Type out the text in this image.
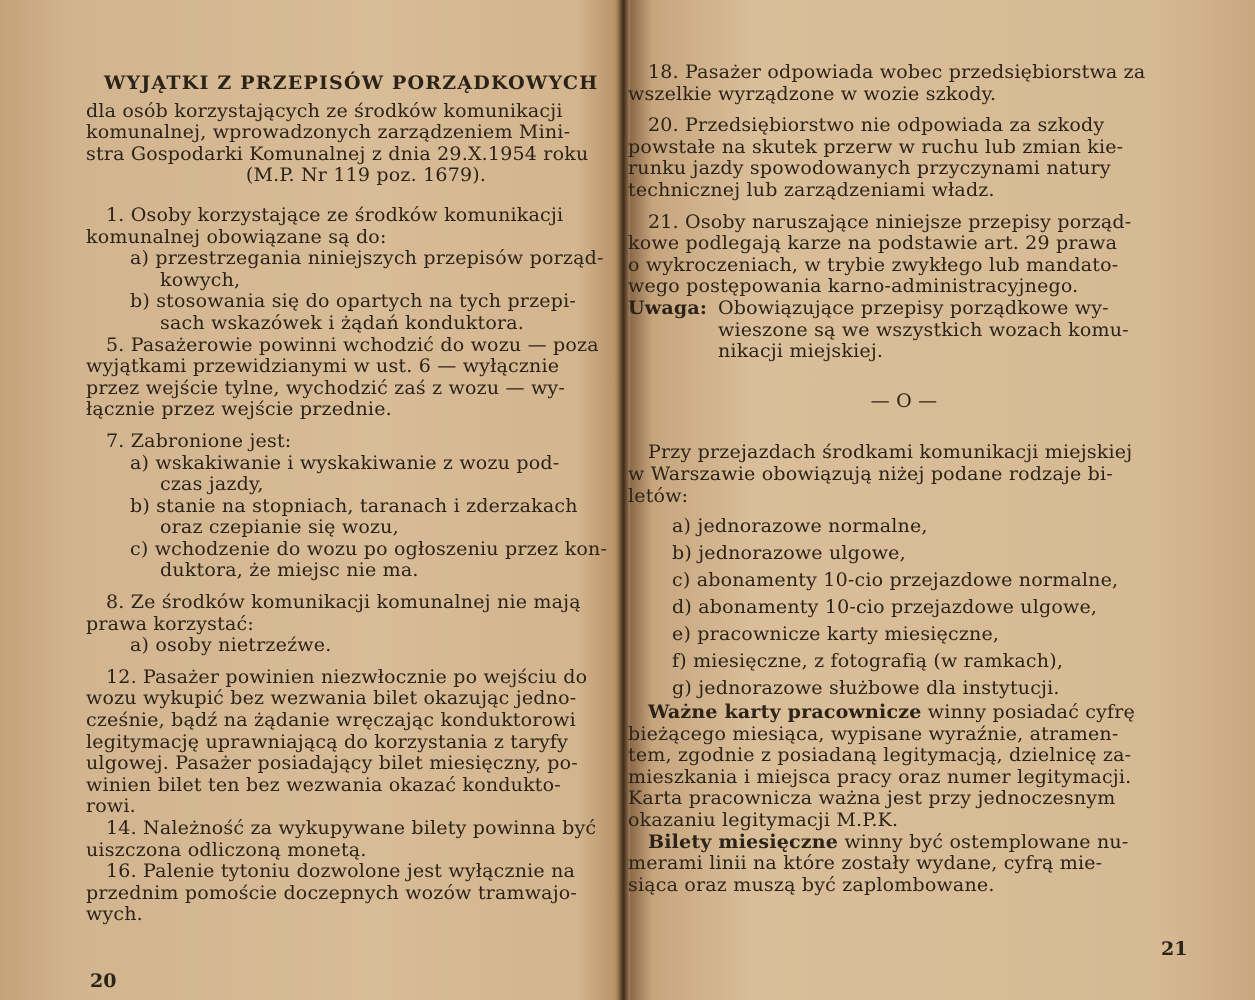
WYJĄTKI Z PRZEPISÓW PORZĄDKOWYCH
dla osób korzystających ze środków komunikacji
komunalnej, wprowadzonych zarządzeniem Mini-
stra Gospodarki Komunalnej z dnia 29.X.1954 roku
(M.P. Nr 119 poz. 1679).
1. Osoby korzystające ze środków komunikacji
komunalnej obowiązane są do:
a) przestrzegania niniejszych przepisów porząd-
kowych,
b) stosowania się do opartych na tych przepi-
sach wskazówek i żądań konduktora.
5. Pasażerowie powinni wchodzić do wozu — poza
wyjątkami przewidzianymi w ust. 6 — wyłącznie
przez wejście tylne, wychodzić zaś z wozu — wy-
łącznie przez wejście przednie.
7. Zabronione jest:
a) wskakiwanie i wyskakiwanie z wozu pod-
czas jazdy,
b) stanie na stopniach, taranach i zderzakach
oraz czepianie się wozu,
c) wchodzenie do wozu po ogłoszeniu przez kon-
duktora, że miejsc nie ma.
8. Ze środków komunikacji komunalnej nie mają
prawa korzystać:
a) osoby nietrzeźwe.
12. Pasażer powinien niezwłocznie po wejściu do
wozu wykupić bez wezwania bilet okazując jedno-
cześnie, bądź na żądanie wręczając konduktorowi
legitymację uprawniającą do korzystania z taryfy
ulgowej. Pasażer posiadający bilet miesięczny, po-
winien bilet ten bez wezwania okazać kondukto-
rowi.
14. Należność za wykupywane bilety powinna być
uiszczona odliczoną monetą.
16. Palenie tytoniu dozwolone jest wyłącznie na
przednim pomoście doczepnych wozów tramwajo-
wych.
20
18. Pasażer odpowiada wobec przedsiębiorstwa za
wszelkie wyrządzone w wozie szkody.
20. Przedsiębiorstwo nie odpowiada za szkody
powstałe na skutek przerw w ruchu lub zmian kie-
runku jazdy spowodowanych przyczynami natury
technicznej lub zarządzeniami władz.
21. Osoby naruszające niniejsze przepisy porząd-
kowe podlegają karze na podstawie art. 29 prawa
o wykroczeniach, w trybie zwykłego lub mandato-
wego postępowania karno-administracyjnego.
Uwaga: Obowiązujące przepisy porządkowe wy-
wieszone są we wszystkich wozach komu-
nikacji miejskiej.
— O —
Przy przejazdach środkami komunikacji miejskiej
w Warszawie obowiązują niżej podane rodzaje bi-
letów:
a) jednorazowe normalne,
b) jednorazowe ulgowe,
c) abonamenty 10-cio przejazdowe normalne,
d) abonamenty 10-cio przejazdowe ulgowe,
e) pracownicze karty miesięczne,
f) miesięczne, z fotografią (w ramkach),
g) jednorazowe służbowe dla instytucji.
Ważne karty pracownicze winny posiadać cyfrę
bieżącego miesiąca, wypisane wyraźnie, atramen-
tem, zgodnie z posiadaną legitymacją, dzielnicę za-
mieszkania i miejsca pracy oraz numer legitymacji.
Karta pracownicza ważna jest przy jednoczesnym
okazaniu legitymacji M.P.K.
Bilety miesięczne winny być ostemplowane nu-
merami linii na które zostały wydane, cyfrą mie-
siąca oraz muszą być zaplombowane.
21
